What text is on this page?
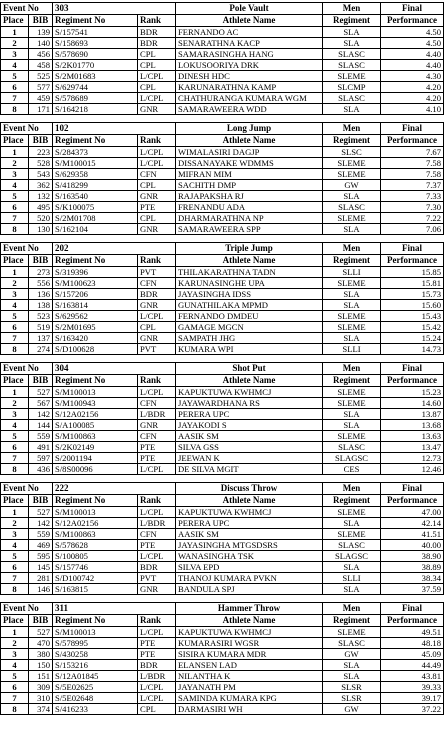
Event No		303		Pole Vault	Men	Final
Place	BIB	Regiment No	Rank	Athlete Name	Regiment	Performance
1	139	S/157541	BDR	FERNANDO AC	SLA	4.50
2	140	S/158693	BDR	SENARATHNA KACP	SLA	4.50
3	456	S/578690	CPL	SAMARASINGHA HANG	SLASC	4.40
4	458	S/2K01770	CPL	LOKUSOORIYA DRK	SLASC	4.40
5	525	S/2M01683	L/CPL	DINESH HDC	SLEME	4.30
6	577	S/629744	CPL	KARUNARATHNA KAMP	SLCMP	4.20
7	459	S/578689	L/CPL	CHATHURANGA KUMARA WGM	SLASC	4.20
8	171	S/164218	GNR	SAMARAWEERA WDD	SLA	4.10
Event No		102		Long Jump	Men	Final
Place	BIB	Regiment No	Rank	Athlete Name	Regiment	Performance
1	223	S/284373	L/CPL	WIMALASIRI DAGJP	SLSC	7.67
2	528	S/M100015	L/CPL	DISSANAYAKE WDMMS	SLEME	7.58
3	543	S/629358	CFN	MIFRAN MIM	SLEME	7.58
4	362	S/418299	CPL	SACHITH DMP	GW	7.37
5	132	S/163540	GNR	RAJAPAKSHA RJ	SLA	7.33
6	495	S/K100075	PTE	FRENANDU ADA	SLASC	7.30
7	520	S/2M01708	CPL	DHARMARATHNA NP	SLEME	7.22
8	130	S/162104	GNR	SAMARAWEERA SPP	SLA	7.06
Event No		202		Triple Jump	Men	Final
Place	BIB	Regiment No	Rank	Athlete Name	Regiment	Performance
1	273	S/319396	PVT	THILAKARATHNA TADN	SLLI	15.85
2	556	S/M100623	CFN	KARUNASINGHE UPA	SLEME	15.81
3	136	S/157206	BDR	JAYASINGHA IDSS	SLA	15.73
4	138	S/163814	GNR	GUNATHILAKA MPMD	SLA	15.60
5	523	S/629562	L/CPL	FERNANDO DMDEU	SLEME	15.43
6	519	S/2M01695	CPL	GAMAGE MGCN	SLEME	15.42
7	137	S/163420	GNR	SAMPATH JHG	SLA	15.24
8	274	S/D100628	PVT	KUMARA WPI	SLLI	14.73
Event No		304		Shot Put	Men	Final
Place	BIB	Regiment No	Rank	Athlete Name	Regiment	Performance
1	527	S/M100013	L/CPL	KAPUKTUWA KWHMCJ	SLEME	15.23
2	567	S/M100943	CFN	JAYAWARDHANA RS	SLEME	14.60
3	142	S/12A02156	L/BDR	PERERA UPC	SLA	13.87
4	144	S/A100085	GNR	JAYAKODI S	SLA	13.68
5	559	S/M100863	CFN	AASIK SM	SLEME	13.63
6	491	S/2K02149	PTE	SILVA GSS	SLASC	13.47
7	597	S/2001194	PTE	JEEWAN K	SLAGSC	12.73
8	436	S/8S00096	L/CPL	DE SILVA MGIT	CES	12.46
Event No		222		Discuss Throw	Men	Final
Place	BIB	Regiment No	Rank	Athlete Name	Regiment	Performance
1	527	S/M100013	L/CPL	KAPUKTUWA KWHMCJ	SLEME	47.00
2	142	S/12A02156	L/BDR	PERERA UPC	SLA	42.14
3	559	S/M100863	CFN	AASIK SM	SLEME	41.51
4	469	S/578628	PTE	JAYASINGHA MTGSDSRS	SLASC	40.00
5	595	S/100805	L/CPL	WANASINGHA TSK	SLAGSC	38.90
6	145	S/157746	BDR	SILVA EPD	SLA	38.89
7	281	S/D100742	PVT	THANOJ KUMARA PVKN	SLLI	38.34
8	146	S/163815	GNR	BANDULA SPJ	SLA	37.59
Event No		311		Hammer Throw	Men	Final
Place	BIB	Regiment No	Rank	Athlete Name	Regiment	Performance
1	527	S/M100013	L/CPL	KAPUKTUWA KWHMCJ	SLEME	49.51
2	470	S/578995	PTE	KUMARASIRI WGSR	SLASC	48.18
3	380	S/430258	PTE	SISIRA KUMARA MDR	GW	45.09
4	150	S/153216	BDR	ELANSEN LAD	SLA	44.49
5	151	S/12A01845	L/BDR	NILANTHA K	SLA	43.81
6	309	S/5E02625	L/CPL	JAYANATH PM	SLSR	39.33
7	310	S/5E02648	L/CPL	SAMINDA KUMARA KPG	SLSR	39.17
8	374	S/416233	CPL	DARMASIRI WH	GW	37.22
